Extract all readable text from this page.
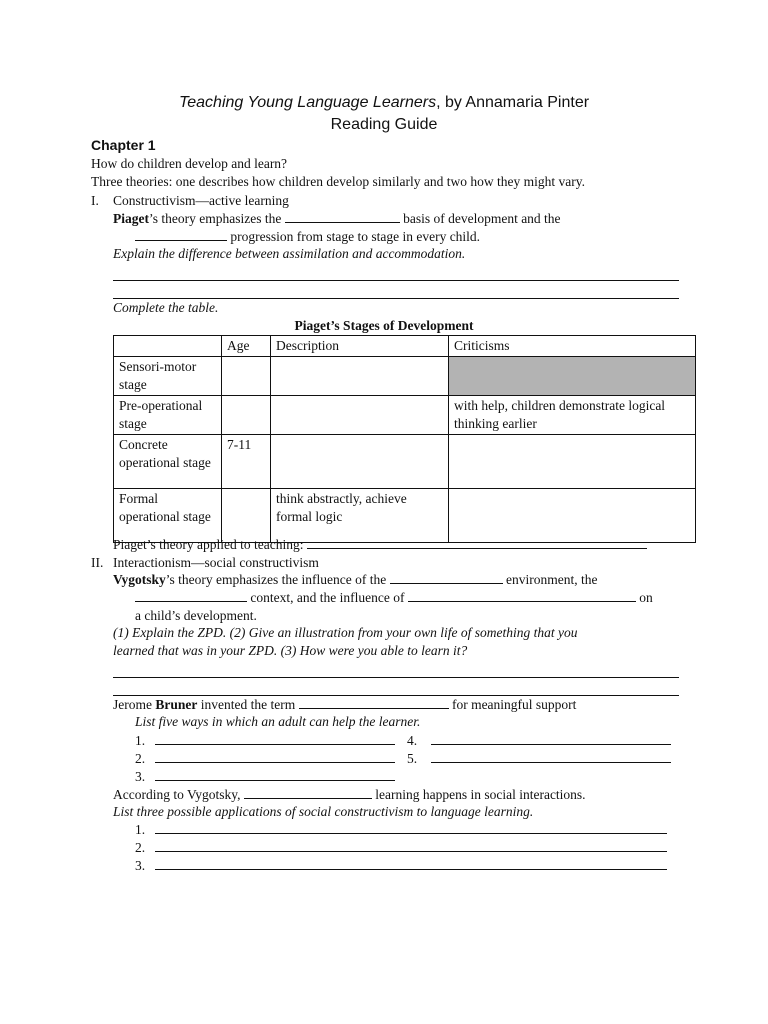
Teaching Young Language Learners, by Annamaria Pinter
Reading Guide
Chapter 1
How do children develop and learn?
Three theories: one describes how children develop similarly and two how they might vary.
I. Constructivism—active learning
Piaget’s theory emphasizes the	basis of development and the
progression from stage to stage in every child.
Explain the difference between assimilation and accommodation.
Complete the table.
Piaget’s Stages of Development
	Age	Description	Criticisms
Sensori-motor stage			
Pre-operational stage			with help, children demonstrate logical thinking earlier
Concrete operational stage	7-11		
Formal operational stage		think abstractly, achieve formal logic	
Piaget’s theory applied to teaching:
II. Interactionism—social constructivism
Vygotsky’s theory emphasizes the influence of the	environment, the
context, and the influence of	on
a child’s development.
(1) Explain the ZPD. (2) Give an illustration from your own life of something that you
learned that was in your ZPD. (3) How were you able to learn it?
Jerome Bruner invented the term	for meaningful support
List five ways in which an adult can help the learner.
1.
2.
3.
4.
5.
According to Vygotsky,	learning happens in social interactions.
List three possible applications of social constructivism to language learning.
1.
2.
3.
